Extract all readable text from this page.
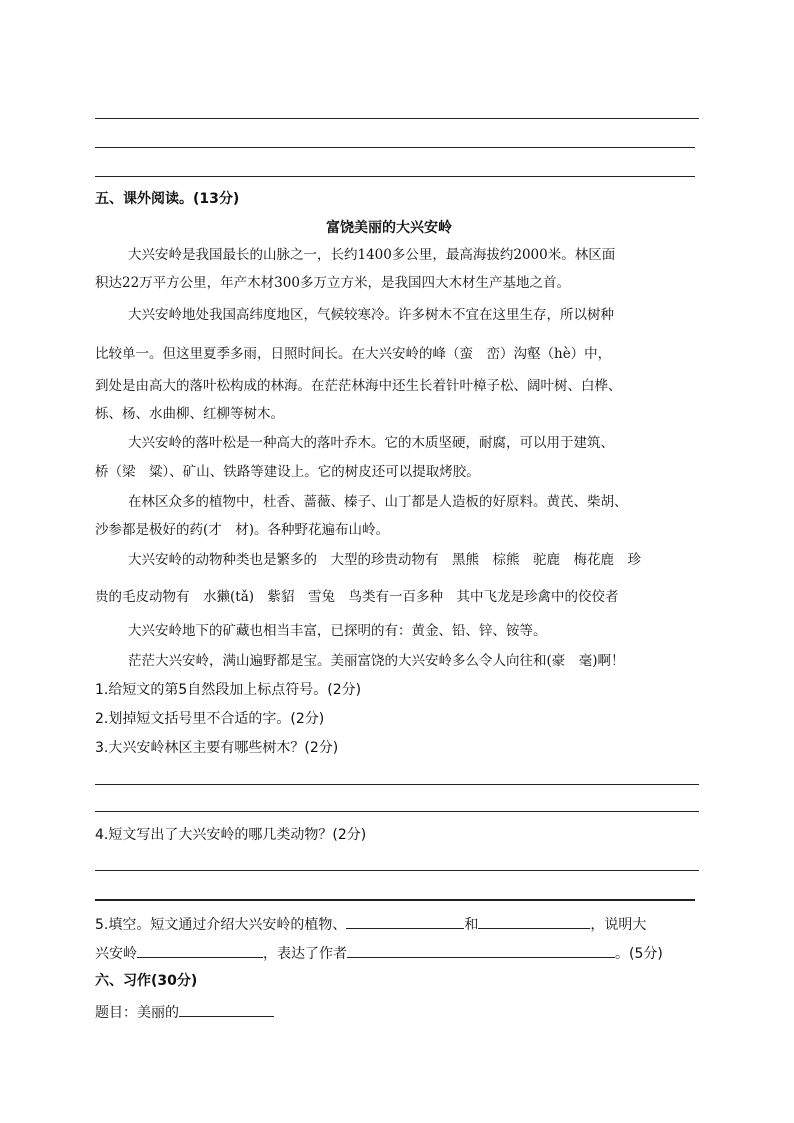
五、课外阅读。(13分)
富饶美丽的大兴安岭
大兴安岭是我国最长的山脉之一，长约1400多公里，最高海拔约2000米。林区面
积达22万平方公里，年产木材300多万立方米，是我国四大木材生产基地之首。
大兴安岭地处我国高纬度地区，气候较寒冷。许多树木不宜在这里生存，所以树种
比较单一。但这里夏季多雨，日照时间长。在大兴安岭的峰（蛮　峦）沟壑（hè）中，
到处是由高大的落叶松构成的林海。在茫茫林海中还生长着针叶樟子松、阔叶树、白桦、
栎、杨、水曲柳、红柳等树木。
大兴安岭的落叶松是一种高大的落叶乔木。它的木质坚硬，耐腐，可以用于建筑、
桥（梁　粱）、矿山、铁路等建设上。它的树皮还可以提取烤胶。
在林区众多的植物中，杜香、蔷薇、榛子、山丁都是人造板的好原料。黄芪、柴胡、
沙参都是极好的药(才　材)。各种野花遍布山岭。
大兴安岭的动物种类也是繁多的　大型的珍贵动物有　黑熊　棕熊　驼鹿　梅花鹿　珍
贵的毛皮动物有　水獭(tǎ)　紫貂　雪兔　鸟类有一百多种　其中飞龙是珍禽中的佼佼者
大兴安岭地下的矿藏也相当丰富，已探明的有：黄金、铅、锌、铵等。
茫茫大兴安岭，满山遍野都是宝。美丽富饶的大兴安岭多么令人向往和(豪　毫)啊！
1.给短文的第5自然段加上标点符号。(2分)
2.划掉短文括号里不合适的字。(2分)
3.大兴安岭林区主要有哪些树木？(2分)
4.短文写出了大兴安岭的哪几类动物？(2分)
5.填空。短文通过介绍大兴安岭的植物、	和	，说明大
兴安岭	，表达了作者	。(5分)
六、习作(30分)
题目：美丽的
